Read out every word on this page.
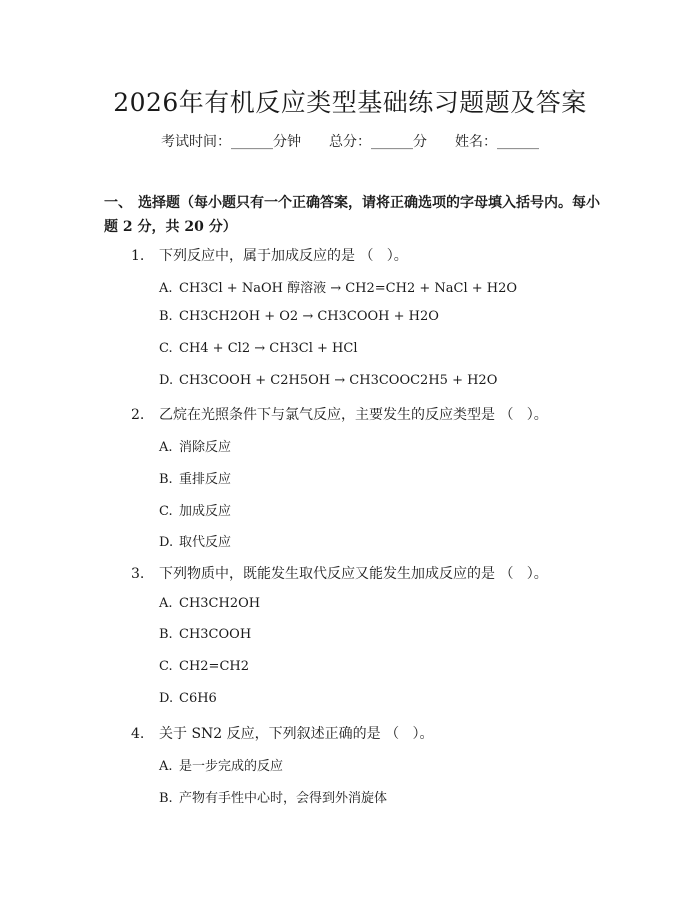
2026年有机反应类型基础练习题题及答案
考试时间：______分钟 总分：______分 姓名：______
一、 选择题（每小题只有一个正确答案，请将正确选项的字母填入括号内。每小题 2 分，共 20 分）
1. 下列反应中，属于加成反应的是 （   ）。
A. CH3Cl + NaOH 醇溶液 → CH2=CH2 + NaCl + H2O
B. CH3CH2OH + O2 → CH3COOH + H2O
C. CH4 + Cl2 → CH3Cl + HCl
D. CH3COOH + C2H5OH → CH3COOC2H5 + H2O
2. 乙烷在光照条件下与氯气反应，主要发生的反应类型是 （   ）。
A. 消除反应
B. 重排反应
C. 加成反应
D. 取代反应
3. 下列物质中，既能发生取代反应又能发生加成反应的是 （   ）。
A. CH3CH2OH
B. CH3COOH
C. CH2=CH2
D. C6H6
4. 关于 SN2 反应，下列叙述正确的是 （   ）。
A. 是一步完成的反应
B. 产物有手性中心时，会得到外消旋体
